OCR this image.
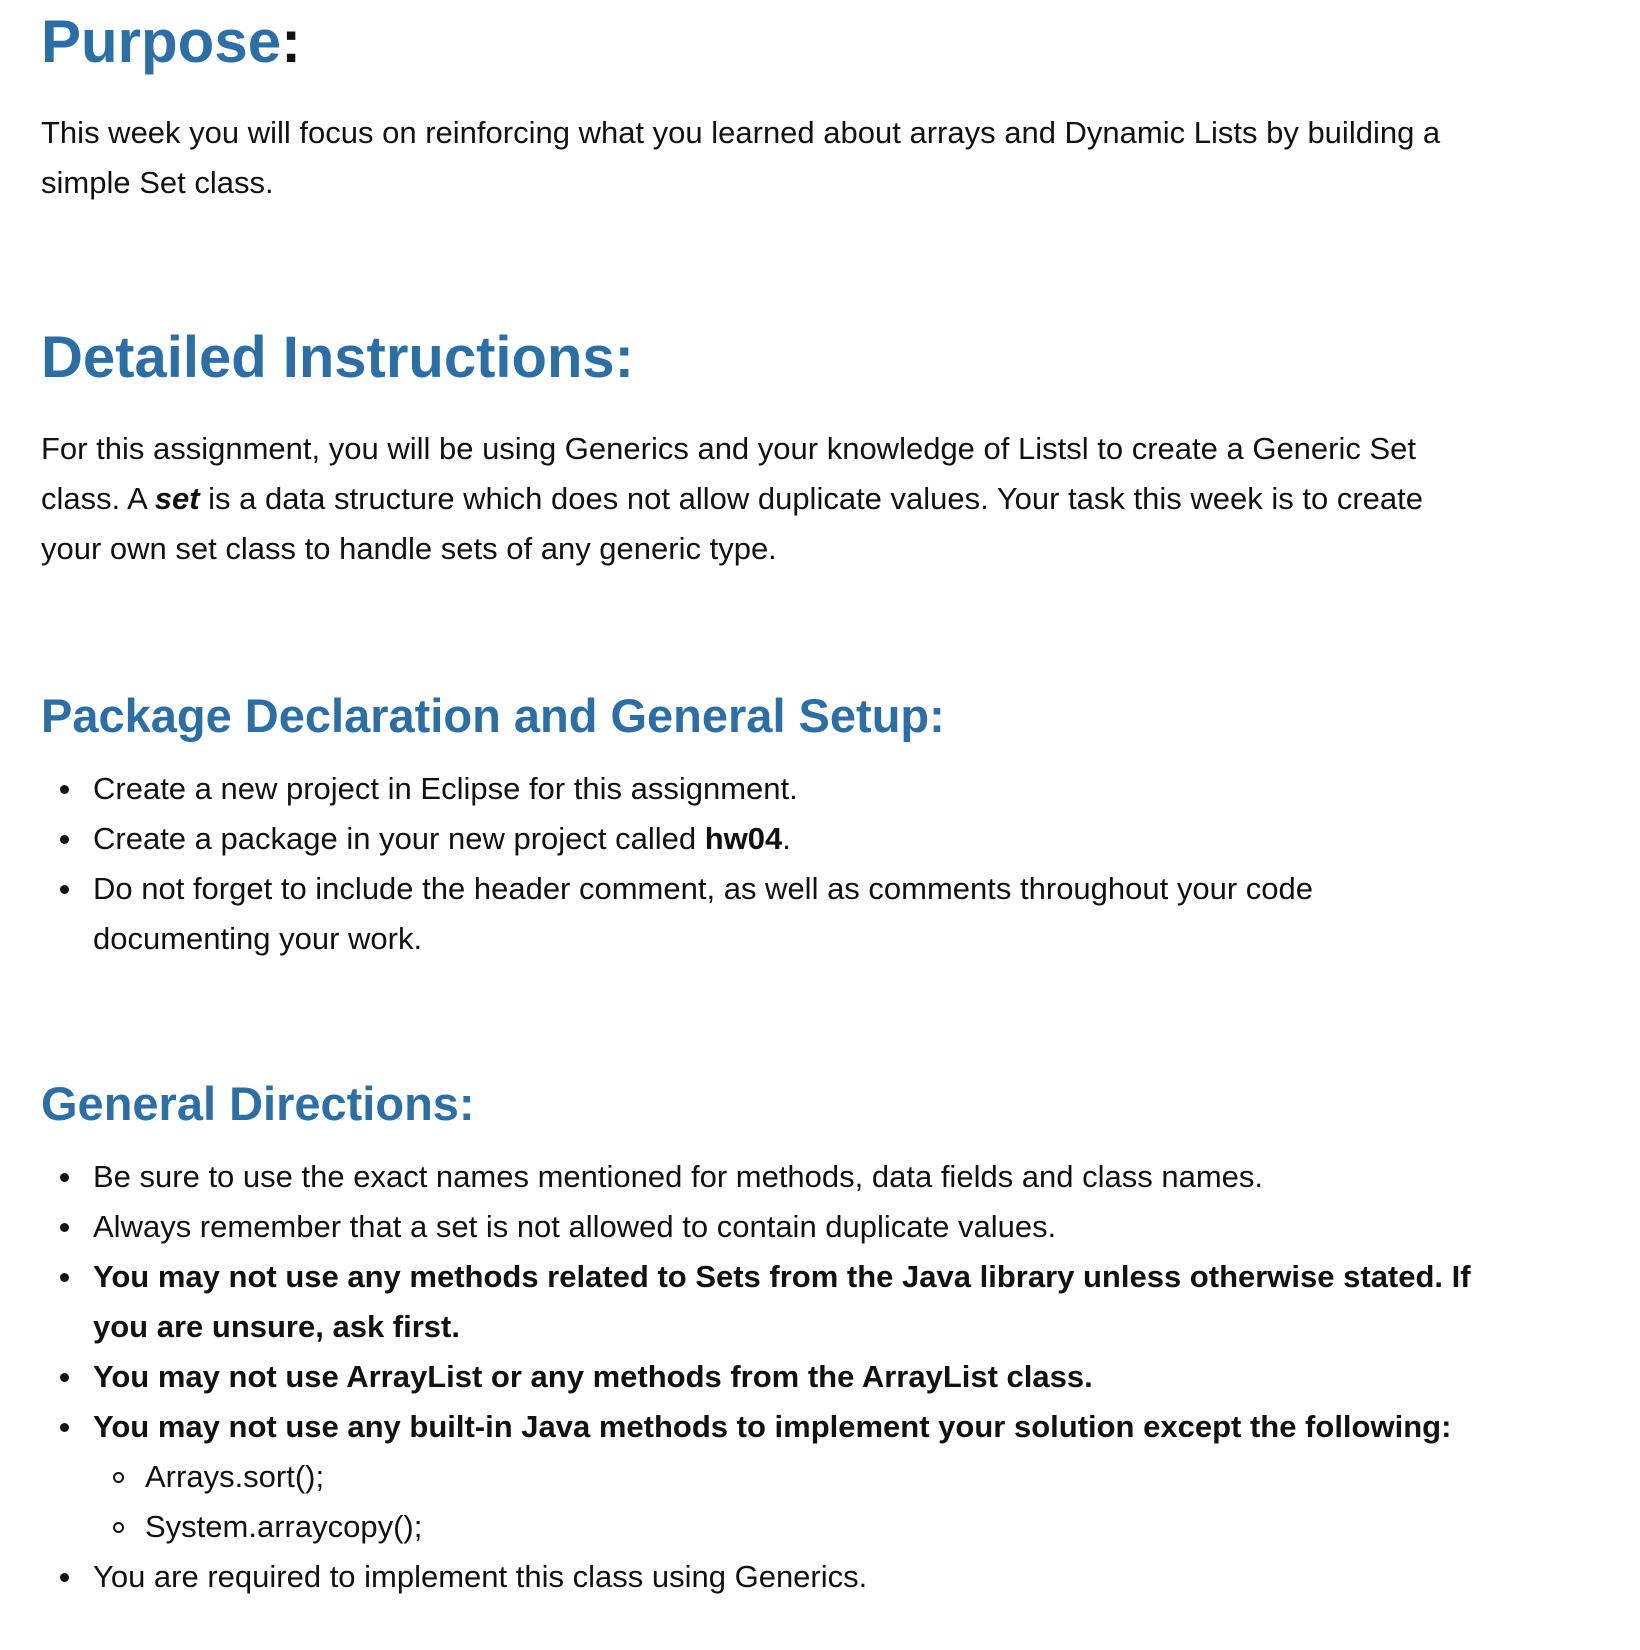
Purpose:
This week you will focus on reinforcing what you learned about arrays and Dynamic Lists by building a
simple Set class.
Detailed Instructions:
For this assignment, you will be using Generics and your knowledge of Listsl to create a Generic Set
class. A set is a data structure which does not allow duplicate values. Your task this week is to create
your own set class to handle sets of any generic type.
Package Declaration and General Setup:
Create a new project in Eclipse for this assignment.
Create a package in your new project called hw04.
Do not forget to include the header comment, as well as comments throughout your code
documenting your work.
General Directions:
Be sure to use the exact names mentioned for methods, data fields and class names.
Always remember that a set is not allowed to contain duplicate values.
You may not use any methods related to Sets from the Java library unless otherwise stated. If
you are unsure, ask first.
You may not use ArrayList or any methods from the ArrayList class.
You may not use any built-in Java methods to implement your solution except the following:
Arrays.sort();
System.arraycopy();
You are required to implement this class using Generics.
